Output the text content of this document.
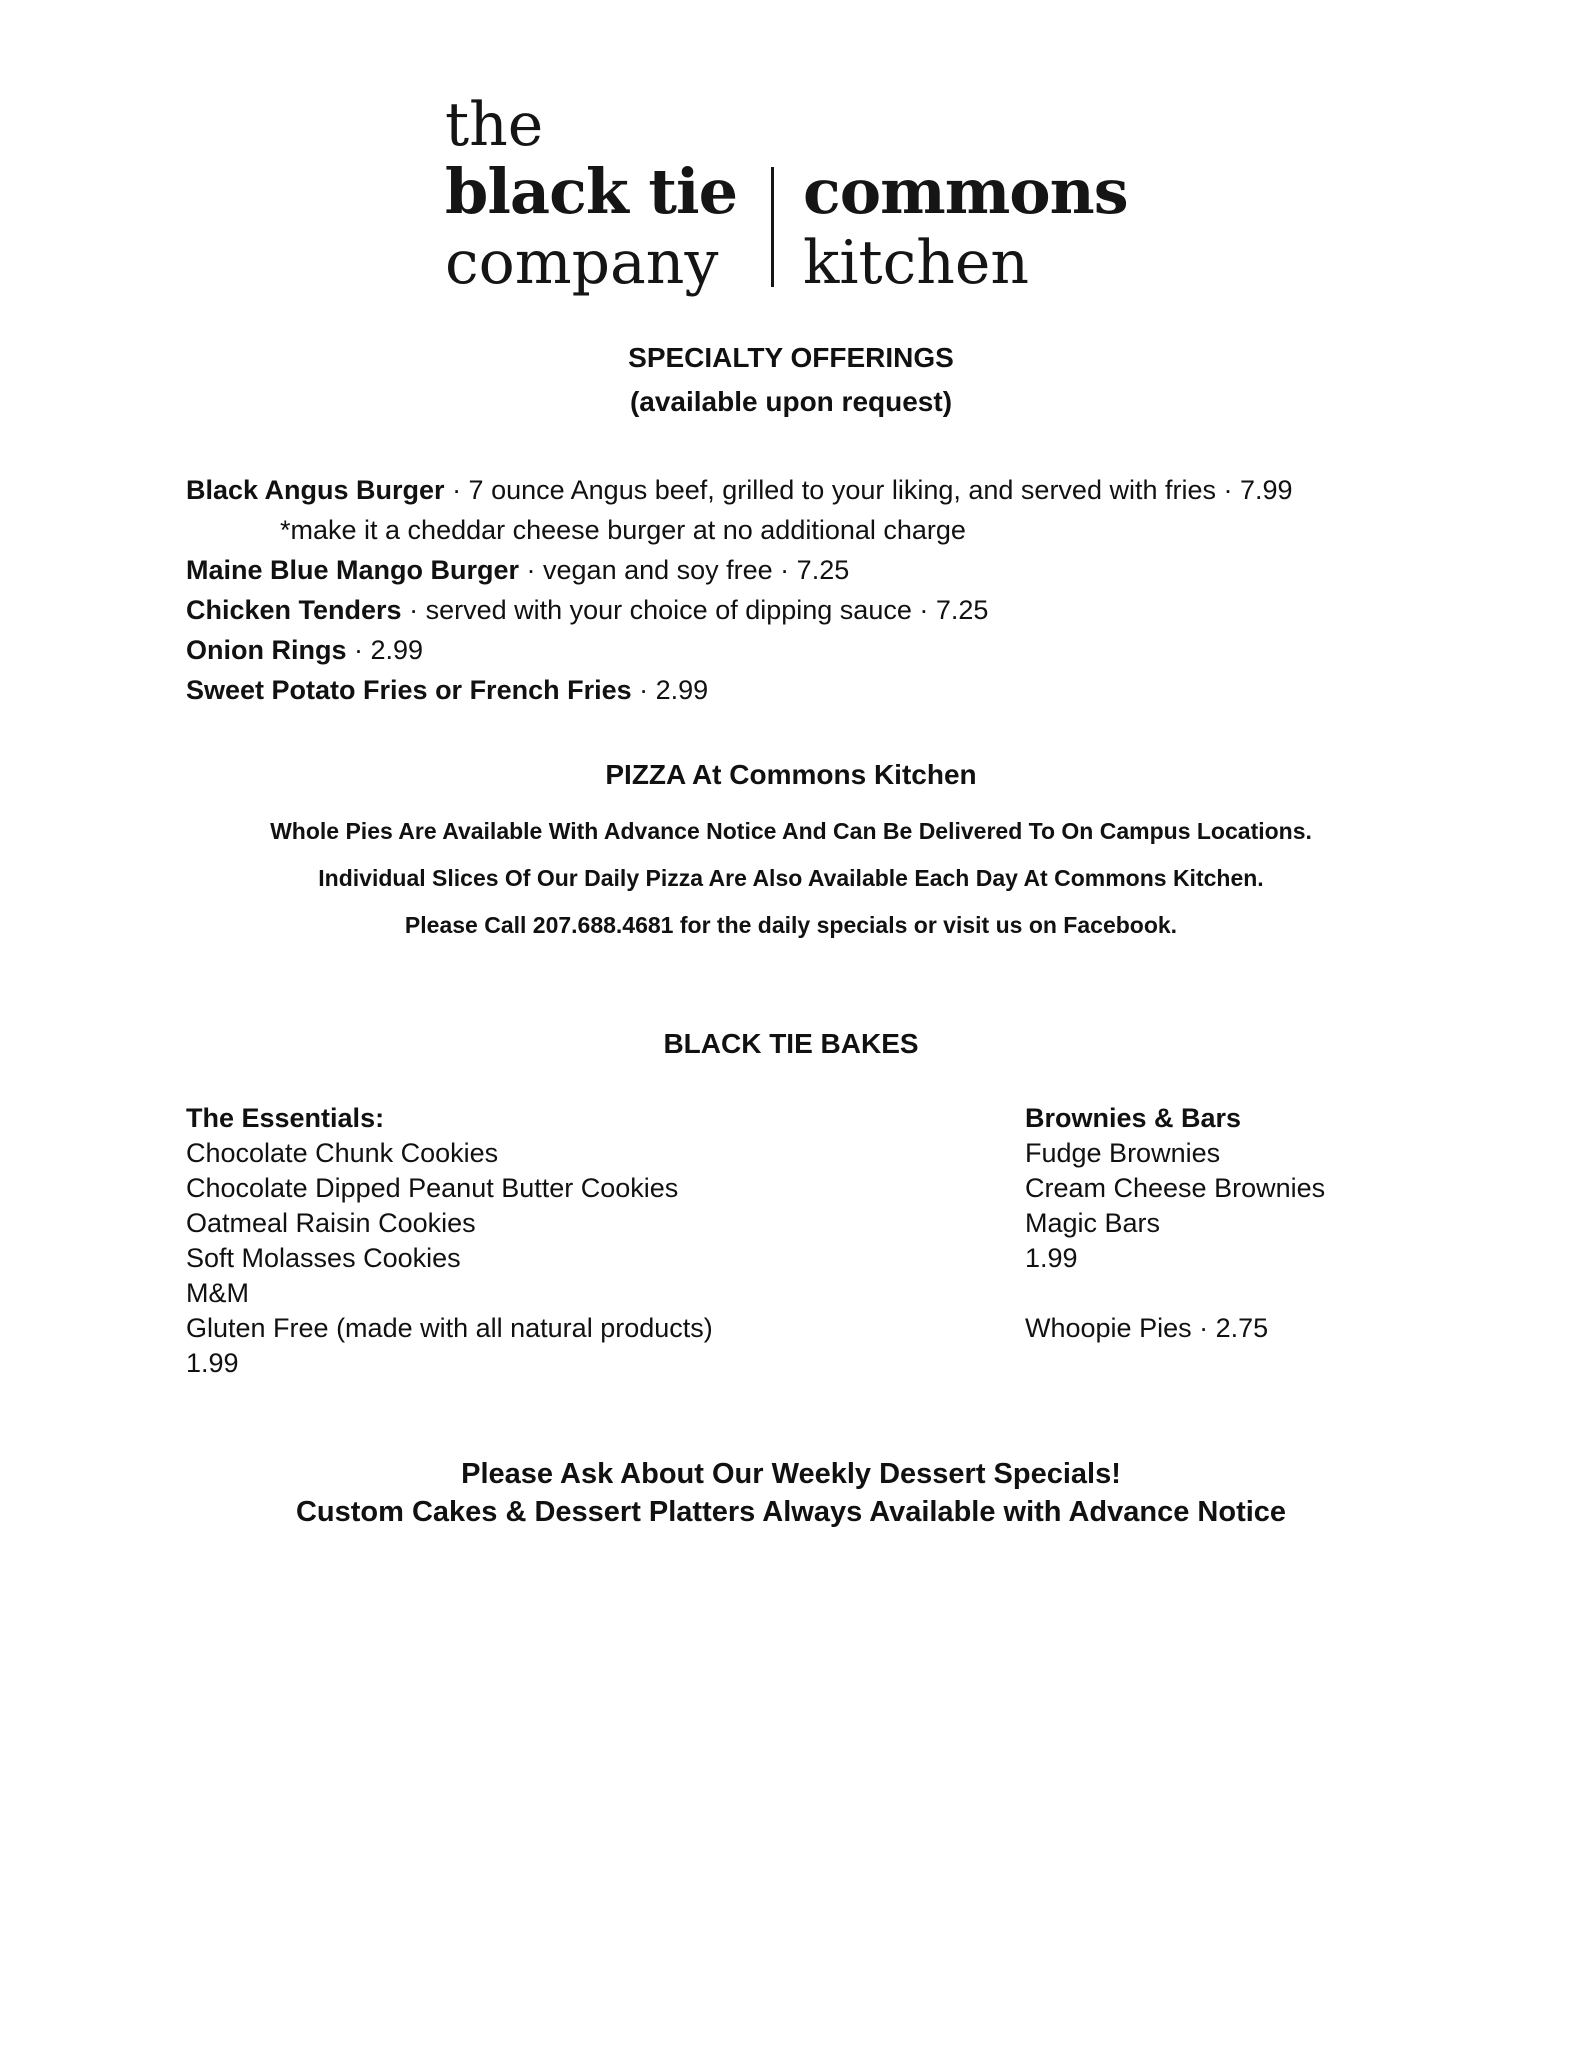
the
black tie
company
commons
kitchen
SPECIALTY OFFERINGS
(available upon request)
Black Angus Burger · 7 ounce Angus beef, grilled to your liking, and served with fries · 7.99
*make it a cheddar cheese burger at no additional charge
Maine Blue Mango Burger · vegan and soy free · 7.25
Chicken Tenders · served with your choice of dipping sauce · 7.25
Onion Rings · 2.99
Sweet Potato Fries or French Fries · 2.99
PIZZA At Commons Kitchen
Whole Pies Are Available With Advance Notice And Can Be Delivered To On Campus Locations.
Individual Slices Of Our Daily Pizza Are Also Available Each Day At Commons Kitchen.
Please Call 207.688.4681 for the daily specials or visit us on Facebook.
BLACK TIE BAKES
The Essentials:
Chocolate Chunk Cookies
Chocolate Dipped Peanut Butter Cookies
Oatmeal Raisin Cookies
Soft Molasses Cookies
M&M
Gluten Free (made with all natural products)
1.99
Brownies & Bars
Fudge Brownies
Cream Cheese Brownies
Magic Bars
1.99
Whoopie Pies · 2.75
Please Ask About Our Weekly Dessert Specials!
Custom Cakes & Dessert Platters Always Available with Advance Notice
